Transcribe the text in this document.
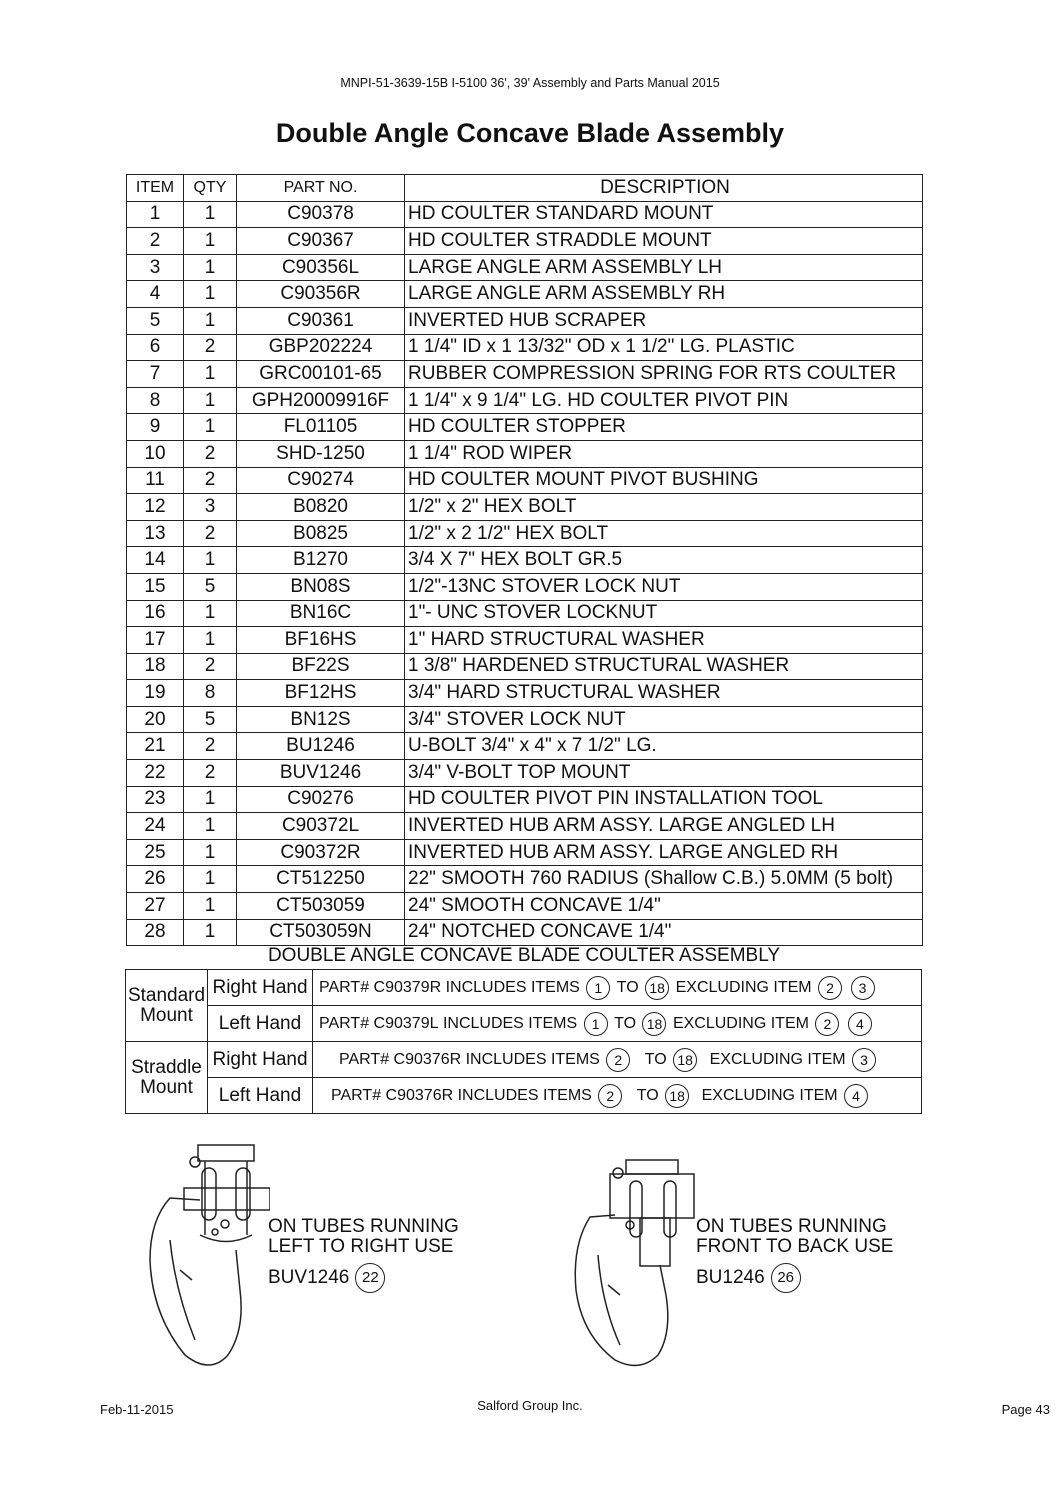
MNPI-51-3639-15B I-5100 36', 39' Assembly and Parts Manual 2015
Double Angle Concave Blade Assembly
ITEM	QTY	PART NO.	DESCRIPTION
1	1	C90378	HD COULTER STANDARD MOUNT
2	1	C90367	HD COULTER STRADDLE MOUNT
3	1	C90356L	LARGE ANGLE ARM ASSEMBLY LH
4	1	C90356R	LARGE ANGLE ARM ASSEMBLY RH
5	1	C90361	INVERTED HUB SCRAPER
6	2	GBP202224	1 1/4" ID x 1 13/32" OD x 1 1/2" LG. PLASTIC
7	1	GRC00101-65	RUBBER COMPRESSION SPRING FOR RTS COULTER
8	1	GPH20009916F	1 1/4" x 9 1/4" LG. HD COULTER PIVOT PIN
9	1	FL01105	HD COULTER STOPPER
10	2	SHD-1250	1 1/4" ROD WIPER
11	2	C90274	HD COULTER MOUNT PIVOT BUSHING
12	3	B0820	1/2" x 2" HEX BOLT
13	2	B0825	1/2" x 2 1/2" HEX BOLT
14	1	B1270	3/4 X 7" HEX BOLT GR.5
15	5	BN08S	1/2"-13NC STOVER LOCK NUT
16	1	BN16C	1"- UNC STOVER LOCKNUT
17	1	BF16HS	1" HARD STRUCTURAL WASHER
18	2	BF22S	1 3/8" HARDENED STRUCTURAL WASHER
19	8	BF12HS	3/4" HARD STRUCTURAL WASHER
20	5	BN12S	3/4" STOVER LOCK NUT
21	2	BU1246	U-BOLT 3/4" x 4" x 7 1/2" LG.
22	2	BUV1246	3/4" V-BOLT TOP MOUNT
23	1	C90276	HD COULTER PIVOT PIN INSTALLATION TOOL
24	1	C90372L	INVERTED HUB ARM ASSY. LARGE ANGLED LH
25	1	C90372R	INVERTED HUB ARM ASSY. LARGE ANGLED RH
26	1	CT512250	22" SMOOTH 760 RADIUS (Shallow C.B.) 5.0MM (5 bolt)
27	1	CT503059	24" SMOOTH CONCAVE 1/4"
28	1	CT503059N	24" NOTCHED CONCAVE 1/4"
DOUBLE ANGLE CONCAVE BLADE COULTER ASSEMBLY
Standard Mount	Right Hand	PART# C90379R INCLUDES ITEMS 1 TO 18 EXCLUDING ITEM 2 3
	Left Hand	PART# C90379L INCLUDES ITEMS 1 TO 18 EXCLUDING ITEM 2 4
Straddle Mount	Right Hand	PART# C90376R INCLUDES ITEMS 2 TO 18 EXCLUDING ITEM 3
	Left Hand	PART# C90376R INCLUDES ITEMS 2 TO 18 EXCLUDING ITEM 4
ON TUBES RUNNING
LEFT TO RIGHT USE
BUV1246 22
ON TUBES RUNNING
FRONT TO BACK USE
BU1246 26
Feb-11-2015	Salford Group Inc.	Page 43
